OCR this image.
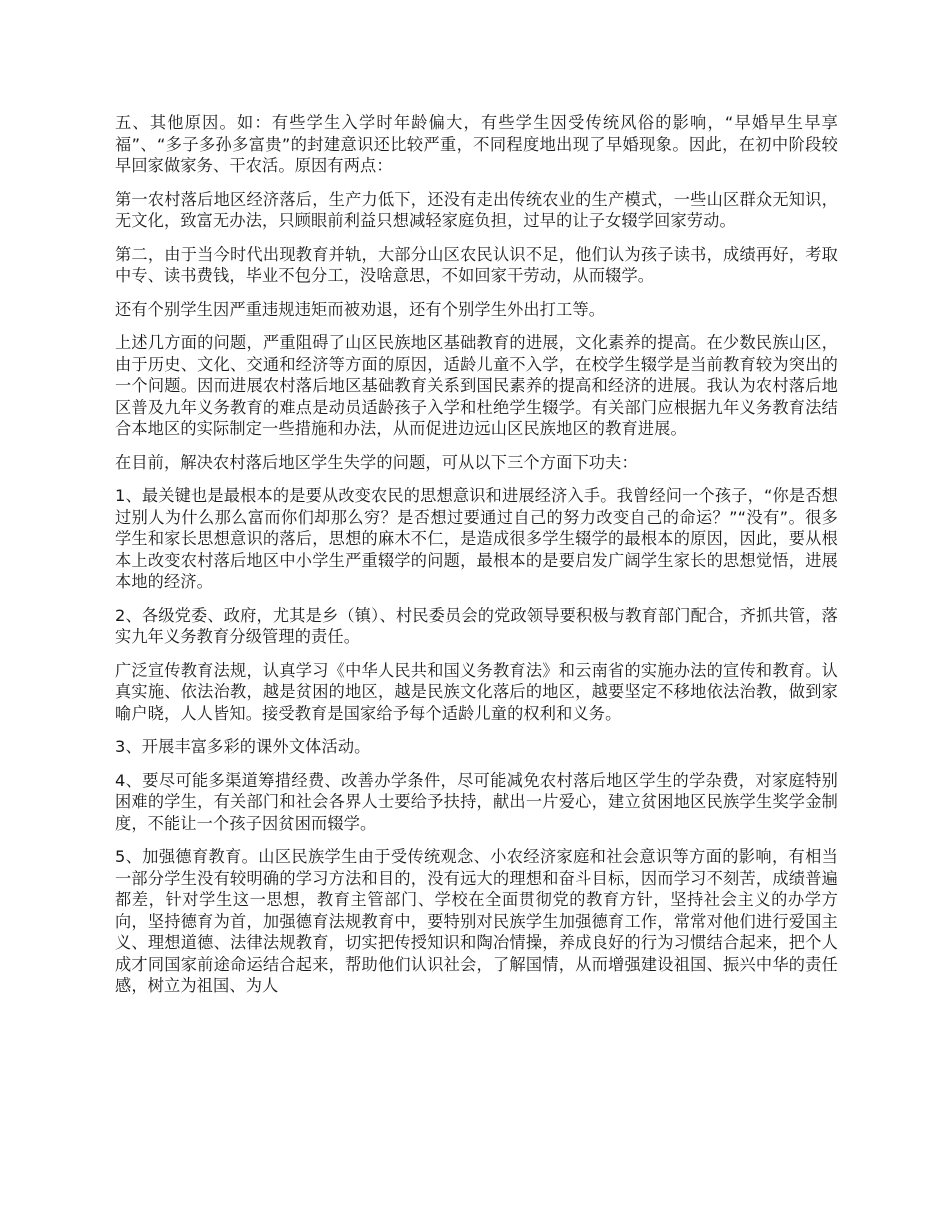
五、其他原因。如：有些学生入学时年龄偏大，有些学生因受传统风俗的影响，“早婚早生早享福”、“多子多孙多富贵”的封建意识还比较严重，不同程度地出现了早婚现象。因此，在初中阶段较早回家做家务、干农活。原因有两点：

第一农村落后地区经济落后，生产力低下，还没有走出传统农业的生产模式，一些山区群众无知识，无文化，致富无办法，只顾眼前利益只想减轻家庭负担，过早的让子女辍学回家劳动。

第二，由于当今时代出现教育并轨，大部分山区农民认识不足，他们认为孩子读书，成绩再好，考取中专、读书费钱，毕业不包分工，没啥意思，不如回家干劳动，从而辍学。

还有个别学生因严重违规违矩而被劝退，还有个别学生外出打工等。

上述几方面的问题，严重阻碍了山区民族地区基础教育的进展，文化素养的提高。在少数民族山区，由于历史、文化、交通和经济等方面的原因，适龄儿童不入学，在校学生辍学是当前教育较为突出的一个问题。因而进展农村落后地区基础教育关系到国民素养的提高和经济的进展。我认为农村落后地区普及九年义务教育的难点是动员适龄孩子入学和杜绝学生辍学。有关部门应根据九年义务教育法结合本地区的实际制定一些措施和办法，从而促进边远山区民族地区的教育进展。

在目前，解决农村落后地区学生失学的问题，可从以下三个方面下功夫：

1、最关键也是最根本的是要从改变农民的思想意识和进展经济入手。我曾经问一个孩子，“你是否想过别人为什么那么富而你们却那么穷？是否想过要通过自己的努力改变自己的命运？”“没有”。很多学生和家长思想意识的落后，思想的麻木不仁，是造成很多学生辍学的最根本的原因，因此，要从根本上改变农村落后地区中小学生严重辍学的问题，最根本的是要启发广阔学生家长的思想觉悟，进展本地的经济。

2、各级党委、政府，尤其是乡（镇）、村民委员会的党政领导要积极与教育部门配合，齐抓共管，落实九年义务教育分级管理的责任。

广泛宣传教育法规，认真学习《中华人民共和国义务教育法》和云南省的实施办法的宣传和教育。认真实施、依法治教，越是贫困的地区，越是民族文化落后的地区，越要坚定不移地依法治教，做到家喻户晓，人人皆知。接受教育是国家给予每个适龄儿童的权利和义务。

3、开展丰富多彩的课外文体活动。

4、要尽可能多渠道筹措经费、改善办学条件，尽可能减免农村落后地区学生的学杂费，对家庭特别困难的学生，有关部门和社会各界人士要给予扶持，献出一片爱心，建立贫困地区民族学生奖学金制度，不能让一个孩子因贫困而辍学。

5、加强德育教育。山区民族学生由于受传统观念、小农经济家庭和社会意识等方面的影响，有相当一部分学生没有较明确的学习方法和目的，没有远大的理想和奋斗目标，因而学习不刻苦，成绩普遍都差，针对学生这一思想，教育主管部门、学校在全面贯彻党的教育方针，坚持社会主义的办学方向，坚持德育为首，加强德育法规教育中，要特别对民族学生加强德育工作，常常对他们进行爱国主义、理想道德、法律法规教育，切实把传授知识和陶冶情操，养成良好的行为习惯结合起来，把个人成才同国家前途命运结合起来，帮助他们认识社会，了解国情，从而增强建设祖国、振兴中华的责任感，树立为祖国、为人
